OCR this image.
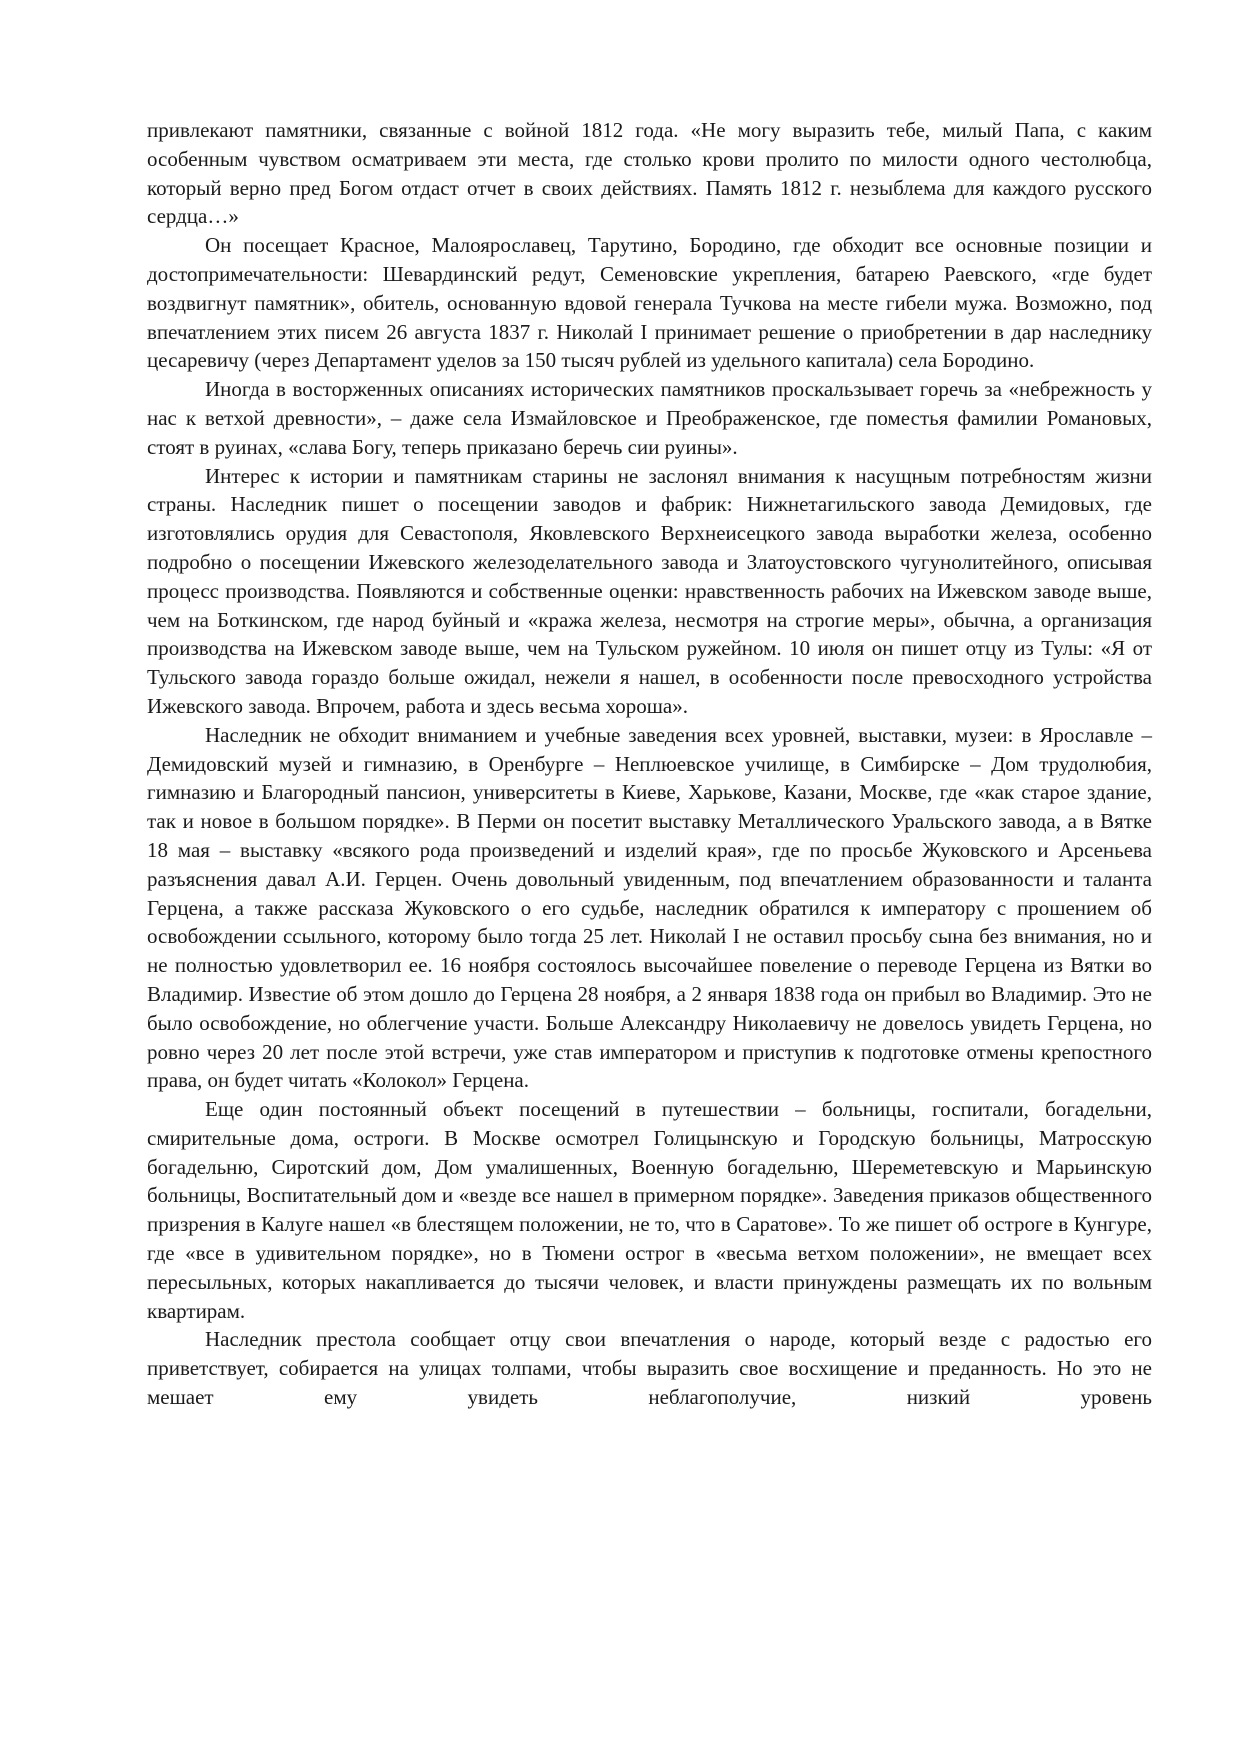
привлекают памятники, связанные с войной 1812 года. «Не могу выразить тебе, милый Папа, с каким особенным чувством осматриваем эти места, где столько крови пролито по милости одного честолюбца, который верно пред Богом отдаст отчет в своих действиях. Память 1812 г. незыблема для каждого русского сердца…»

Он посещает Красное, Малоярославец, Тарутино, Бородино, где обходит все основные позиции и достопримечательности: Шевардинский редут, Семеновские укрепления, батарею Раевского, «где будет воздвигнут памятник», обитель, основанную вдовой генерала Тучкова на месте гибели мужа. Возможно, под впечатлением этих писем 26 августа 1837 г. Николай I принимает решение о приобретении в дар наследнику цесаревичу (через Департамент уделов за 150 тысяч рублей из удельного капитала) села Бородино.

Иногда в восторженных описаниях исторических памятников проскальзывает горечь за «небрежность у нас к ветхой древности», – даже села Измайловское и Преображенское, где поместья фамилии Романовых, стоят в руинах, «слава Богу, теперь приказано беречь сии руины».

Интерес к истории и памятникам старины не заслонял внимания к насущным потребностям жизни страны. Наследник пишет о посещении заводов и фабрик: Нижнетагильского завода Демидовых, где изготовлялись орудия для Севастополя, Яковлевского Верхнеисецкого завода выработки железа, особенно подробно о посещении Ижевского железоделательного завода и Златоустовского чугунолитейного, описывая процесс производства. Появляются и собственные оценки: нравственность рабочих на Ижевском заводе выше, чем на Боткинском, где народ буйный и «кража железа, несмотря на строгие меры», обычна, а организация производства на Ижевском заводе выше, чем на Тульском ружейном. 10 июля он пишет отцу из Тулы: «Я от Тульского завода гораздо больше ожидал, нежели я нашел, в особенности после превосходного устройства Ижевского завода. Впрочем, работа и здесь весьма хороша».

Наследник не обходит вниманием и учебные заведения всех уровней, выставки, музеи: в Ярославле – Демидовский музей и гимназию, в Оренбурге – Неплюевское училище, в Симбирске – Дом трудолюбия, гимназию и Благородный пансион, университеты в Киеве, Харькове, Казани, Москве, где «как старое здание, так и новое в большом порядке». В Перми он посетит выставку Металлического Уральского завода, а в Вятке 18 мая – выставку «всякого рода произведений и изделий края», где по просьбе Жуковского и Арсеньева разъяснения давал А.И. Герцен. Очень довольный увиденным, под впечатлением образованности и таланта Герцена, а также рассказа Жуковского о его судьбе, наследник обратился к императору с прошением об освобождении ссыльного, которому было тогда 25 лет. Николай I не оставил просьбу сына без внимания, но и не полностью удовлетворил ее. 16 ноября состоялось высочайшее повеление о переводе Герцена из Вятки во Владимир. Известие об этом дошло до Герцена 28 ноября, а 2 января 1838 года он прибыл во Владимир. Это не было освобождение, но облегчение участи. Больше Александру Николаевичу не довелось увидеть Герцена, но ровно через 20 лет после этой встречи, уже став императором и приступив к подготовке отмены крепостного права, он будет читать «Колокол» Герцена.

Еще один постоянный объект посещений в путешествии – больницы, госпитали, богадельни, смирительные дома, остроги. В Москве осмотрел Голицынскую и Городскую больницы, Матросскую богадельню, Сиротский дом, Дом умалишенных, Военную богадельню, Шереметевскую и Марьинскую больницы, Воспитательный дом и «везде все нашел в примерном порядке». Заведения приказов общественного призрения в Калуге нашел «в блестящем положении, не то, что в Саратове». То же пишет об остроге в Кунгуре, где «все в удивительном порядке», но в Тюмени острог в «весьма ветхом положении», не вмещает всех пересыльных, которых накапливается до тысячи человек, и власти принуждены размещать их по вольным квартирам.

Наследник престола сообщает отцу свои впечатления о народе, который везде с радостью его приветствует, собирается на улицах толпами, чтобы выразить свое восхищение и преданность. Но это не мешает ему увидеть неблагополучие, низкий уровень
